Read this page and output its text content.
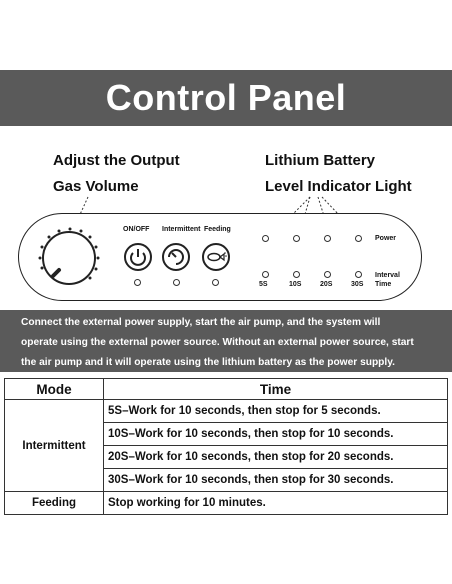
Control Panel
Adjust the Output
Gas Volume
Lithium Battery
Level Indicator Light
ON/OFF Intermittent Feeding
Power
5S	10S	20S	30S
Interval
Time

Connect the external power supply, start the air pump, and the system will

operate using the external power source. Without an external power source, start

the air pump and it will operate using the lithium battery as the power supply.

Mode	Time
Intermittent	5S–Work for 10 seconds, then stop for 5 seconds.
	10S–Work for 10 seconds, then stop for 10 seconds.
	20S–Work for 10 seconds, then stop for 20 seconds.
	30S–Work for 10 seconds, then stop for 30 seconds.
Feeding	Stop working for 10 minutes.
